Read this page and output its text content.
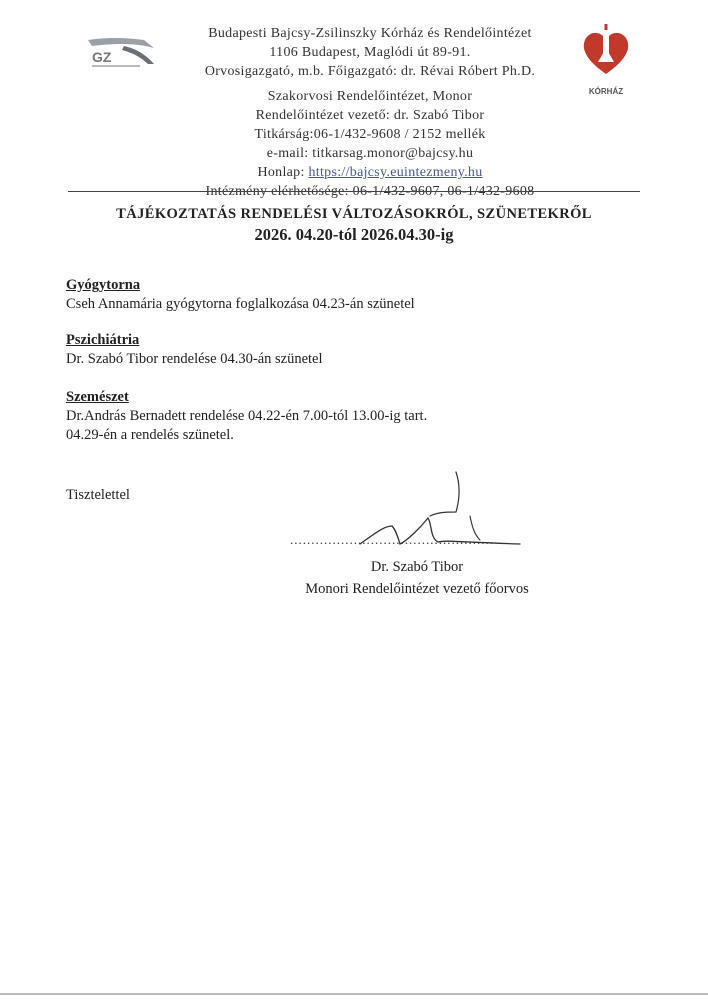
GZ
KÓRHÁZ
Budapesti Bajcsy-Zsilinszky Kórház és Rendelőintézet
1106 Budapest, Maglódi út 89-91.
Orvosigazgató, m.b. Főigazgató: dr. Révai Róbert Ph.D.
Szakorvosi Rendelőintézet, Monor
Rendelőintézet vezető: dr. Szabó Tibor
Titkárság:06-1/432-9608 / 2152 mellék
e-mail: titkarsag.monor@bajcsy.hu
Honlap: https://bajcsy.euintezmeny.hu
Intézmény elérhetősége: 06-1/432-9607, 06-1/432-9608
TÁJÉKOZTATÁS RENDELÉSI VÁLTOZÁSOKRÓL, SZÜNETEKRŐL
2026. 04.20-tól 2026.04.30-ig
Gyógytorna
Cseh Annamária gyógytorna foglalkozása 04.23-án szünetel
Pszichiátria
Dr. Szabó Tibor rendelése 04.30-án szünetel
Szemészet
Dr.András Bernadett rendelése 04.22-én 7.00-tól 13.00-ig tart.
04.29-én a rendelés szünetel.
Tisztelettel
................................................
Dr. Szabó Tibor
Monori Rendelőintézet vezető főorvos
